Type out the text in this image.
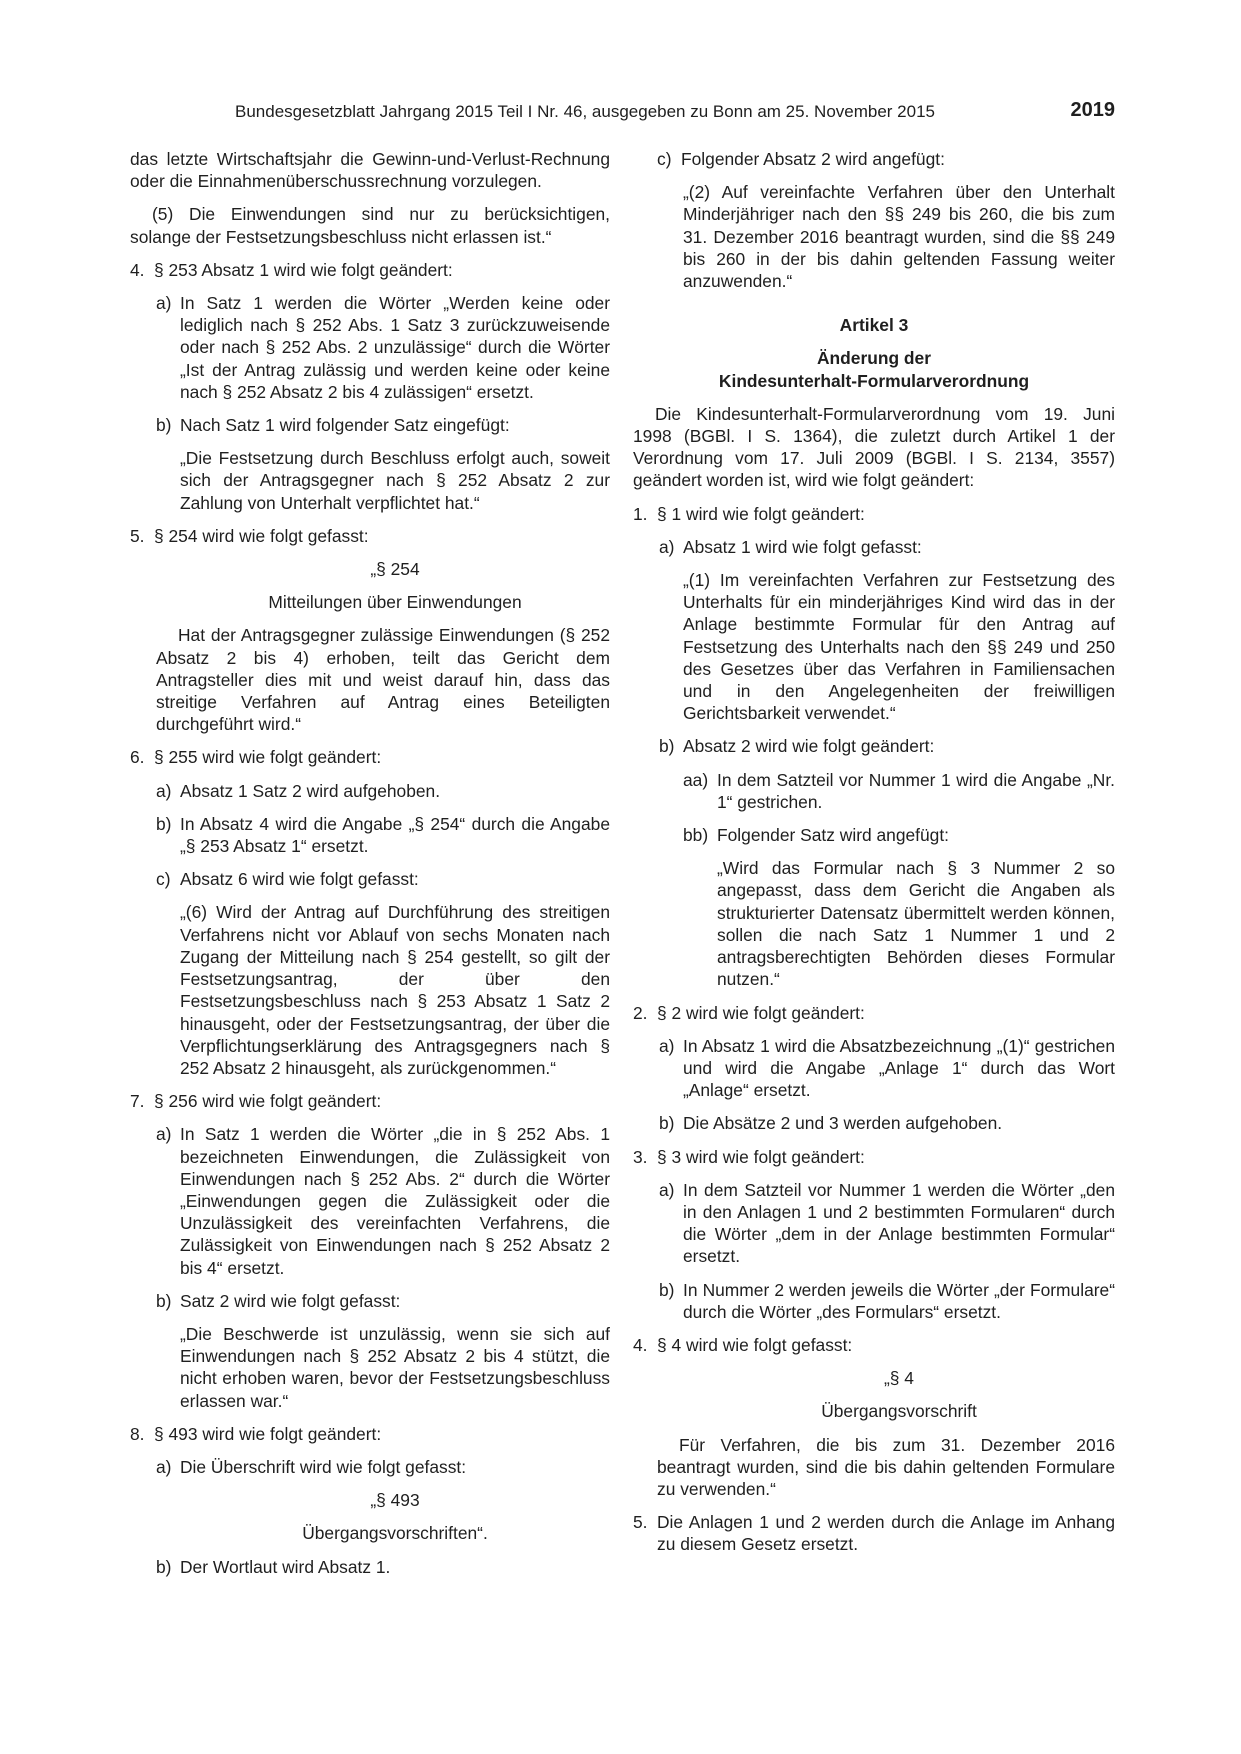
Bundesgesetzblatt Jahrgang 2015 Teil I Nr. 46, ausgegeben zu Bonn am 25. November 2015	2019

das letzte Wirtschaftsjahr die Gewinn-und-Verlust-Rechnung oder die Einnahmenüberschussrechnung vorzulegen.

(5) Die Einwendungen sind nur zu berücksichtigen, solange der Festsetzungsbeschluss nicht erlassen ist.“

4. § 253 Absatz 1 wird wie folgt geändert:
a) In Satz 1 werden die Wörter „Werden keine oder lediglich nach § 252 Abs. 1 Satz 3 zurückzuweisende oder nach § 252 Abs. 2 unzulässige“ durch die Wörter „Ist der Antrag zulässig und werden keine oder keine nach § 252 Absatz 2 bis 4 zulässigen“ ersetzt.
b) Nach Satz 1 wird folgender Satz eingefügt:

„Die Festsetzung durch Beschluss erfolgt auch, soweit sich der Antragsgegner nach § 252 Absatz 2 zur Zahlung von Unterhalt verpflichtet hat.“

5. § 254 wird wie folgt gefasst:
„§ 254
Mitteilungen über Einwendungen

Hat der Antragsgegner zulässige Einwendungen (§ 252 Absatz 2 bis 4) erhoben, teilt das Gericht dem Antragsteller dies mit und weist darauf hin, dass das streitige Verfahren auf Antrag eines Beteiligten durchgeführt wird.“

6. § 255 wird wie folgt geändert:
a) Absatz 1 Satz 2 wird aufgehoben.
b) In Absatz 4 wird die Angabe „§ 254“ durch die Angabe „§ 253 Absatz 1“ ersetzt.
c) Absatz 6 wird wie folgt gefasst:

„(6) Wird der Antrag auf Durchführung des streitigen Verfahrens nicht vor Ablauf von sechs Monaten nach Zugang der Mitteilung nach § 254 gestellt, so gilt der Festsetzungsantrag, der über den Festsetzungsbeschluss nach § 253 Absatz 1 Satz 2 hinausgeht, oder der Festsetzungsantrag, der über die Verpflichtungserklärung des Antragsgegners nach § 252 Absatz 2 hinausgeht, als zurückgenommen.“

7. § 256 wird wie folgt geändert:
a) In Satz 1 werden die Wörter „die in § 252 Abs. 1 bezeichneten Einwendungen, die Zulässigkeit von Einwendungen nach § 252 Abs. 2“ durch die Wörter „Einwendungen gegen die Zulässigkeit oder die Unzulässigkeit des vereinfachten Verfahrens, die Zulässigkeit von Einwendungen nach § 252 Absatz 2 bis 4“ ersetzt.
b) Satz 2 wird wie folgt gefasst:

„Die Beschwerde ist unzulässig, wenn sie sich auf Einwendungen nach § 252 Absatz 2 bis 4 stützt, die nicht erhoben waren, bevor der Festsetzungsbeschluss erlassen war.“

8. § 493 wird wie folgt geändert:
a) Die Überschrift wird wie folgt gefasst:
„§ 493
Übergangsvorschriften“.
b) Der Wortlaut wird Absatz 1.
c) Folgender Absatz 2 wird angefügt:

„(2) Auf vereinfachte Verfahren über den Unterhalt Minderjähriger nach den §§ 249 bis 260, die bis zum 31. Dezember 2016 beantragt wurden, sind die §§ 249 bis 260 in der bis dahin geltenden Fassung weiter anzuwenden.“

Artikel 3
Änderung der
Kindesunterhalt-Formularverordnung

Die Kindesunterhalt-Formularverordnung vom 19. Juni 1998 (BGBl. I S. 1364), die zuletzt durch Artikel 1 der Verordnung vom 17. Juli 2009 (BGBl. I S. 2134, 3557) geändert worden ist, wird wie folgt geändert:

1. § 1 wird wie folgt geändert:
a) Absatz 1 wird wie folgt gefasst:

„(1) Im vereinfachten Verfahren zur Festsetzung des Unterhalts für ein minderjähriges Kind wird das in der Anlage bestimmte Formular für den Antrag auf Festsetzung des Unterhalts nach den §§ 249 und 250 des Gesetzes über das Verfahren in Familiensachen und in den Angelegenheiten der freiwilligen Gerichtsbarkeit verwendet.“

b) Absatz 2 wird wie folgt geändert:
aa) In dem Satzteil vor Nummer 1 wird die Angabe „Nr. 1“ gestrichen.
bb) Folgender Satz wird angefügt:

„Wird das Formular nach § 3 Nummer 2 so angepasst, dass dem Gericht die Angaben als strukturierter Datensatz übermittelt werden können, sollen die nach Satz 1 Nummer 1 und 2 antragsberechtigten Behörden dieses Formular nutzen.“

2. § 2 wird wie folgt geändert:
a) In Absatz 1 wird die Absatzbezeichnung „(1)“ gestrichen und wird die Angabe „Anlage 1“ durch das Wort „Anlage“ ersetzt.
b) Die Absätze 2 und 3 werden aufgehoben.
3. § 3 wird wie folgt geändert:
a) In dem Satzteil vor Nummer 1 werden die Wörter „den in den Anlagen 1 und 2 bestimmten Formularen“ durch die Wörter „dem in der Anlage bestimmten Formular“ ersetzt.
b) In Nummer 2 werden jeweils die Wörter „der Formulare“ durch die Wörter „des Formulars“ ersetzt.
4. § 4 wird wie folgt gefasst:
„§ 4
Übergangsvorschrift

Für Verfahren, die bis zum 31. Dezember 2016 beantragt wurden, sind die bis dahin geltenden Formulare zu verwenden.“

5. Die Anlagen 1 und 2 werden durch die Anlage im Anhang zu diesem Gesetz ersetzt.
